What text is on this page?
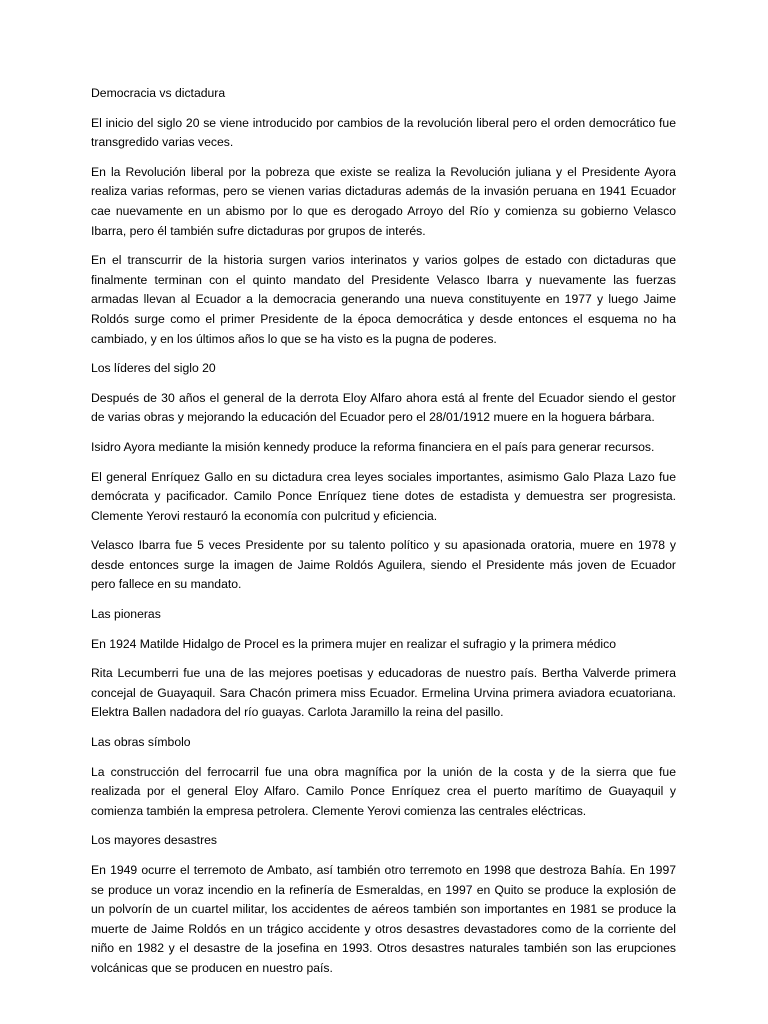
Democracia vs dictadura

El inicio del siglo 20 se viene introducido por cambios de la revolución liberal pero el orden democrático fue transgredido varias veces.

En la Revolución liberal por la pobreza que existe se realiza la Revolución juliana y el Presidente Ayora realiza varias reformas, pero se vienen varias dictaduras además de la invasión peruana en 1941 Ecuador cae nuevamente en un abismo por lo que es derogado Arroyo del Río y comienza su gobierno Velasco Ibarra, pero él también sufre dictaduras por grupos de interés.

En el transcurrir de la historia surgen varios interinatos y varios golpes de estado con dictaduras que finalmente terminan con el quinto mandato del Presidente Velasco Ibarra y nuevamente las fuerzas armadas llevan al Ecuador a la democracia generando una nueva constituyente en 1977 y luego Jaime Roldós surge como el primer Presidente de la época democrática y desde entonces el esquema no ha cambiado, y en los últimos años lo que se ha visto es la pugna de poderes.

Los líderes del siglo 20

Después de 30 años el general de la derrota Eloy Alfaro ahora está al frente del Ecuador siendo el gestor de varias obras y mejorando la educación del Ecuador pero el 28/01/1912 muere en la hoguera bárbara.

Isidro Ayora mediante la misión kennedy produce la reforma financiera en el país para generar recursos.

El general Enríquez Gallo en su dictadura crea leyes sociales importantes, asimismo Galo Plaza Lazo fue demócrata y pacificador. Camilo Ponce Enríquez tiene dotes de estadista y demuestra ser progresista. Clemente Yerovi restauró la economía con pulcritud y eficiencia.

Velasco Ibarra fue 5 veces Presidente por su talento político y su apasionada oratoria, muere en 1978 y desde entonces surge la imagen de Jaime Roldós Aguilera, siendo el Presidente más joven de Ecuador pero fallece en su mandato.

Las pioneras

En 1924 Matilde Hidalgo de Procel es la primera mujer en realizar el sufragio y la primera médico

Rita Lecumberri fue una de las mejores poetisas y educadoras de nuestro país. Bertha Valverde primera concejal de Guayaquil. Sara Chacón primera miss Ecuador. Ermelina Urvina primera aviadora ecuatoriana. Elektra Ballen nadadora del río guayas. Carlota Jaramillo la reina del pasillo.

Las obras símbolo

La construcción del ferrocarril fue una obra magnífica por la unión de la costa y de la sierra que fue realizada por el general Eloy Alfaro. Camilo Ponce Enríquez crea el puerto marítimo de Guayaquil y comienza también la empresa petrolera. Clemente Yerovi comienza las centrales eléctricas.

Los mayores desastres

En 1949 ocurre el terremoto de Ambato, así también otro terremoto en 1998 que destroza Bahía. En 1997 se produce un voraz incendio en la refinería de Esmeraldas, en 1997 en Quito se produce la explosión de un polvorín de un cuartel militar, los accidentes de aéreos también son importantes en 1981 se produce la muerte de Jaime Roldós en un trágico accidente y otros desastres devastadores como de la corriente del niño en 1982 y el desastre de la josefina en 1993. Otros desastres naturales también son las erupciones volcánicas que se producen en nuestro país.
